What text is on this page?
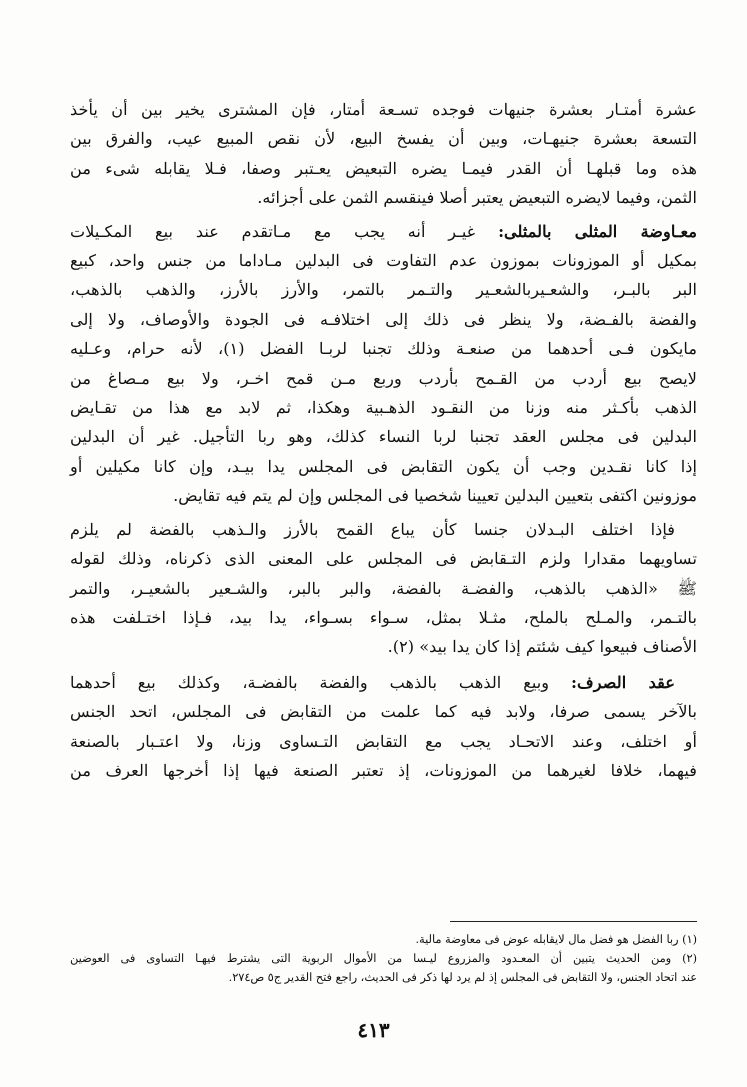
عشرة أمتـار بعشرة جنيهات فوجده تسـعة أمتار، فإن المشترى يخير بين أن يأخذ
التسعة بعشرة جنيهـات، وبين أن يفسخ البيع، لأن نقص المبيع عيب، والفرق بين
هذه وما قبلهـا أن القدر فيمـا يضره التبعيض يعـتبر وصفا، فـلا يقابله شىء من
الثمن، وفيما لايضره التبعيض يعتبر أصلا فينقسم الثمن على أجزائه.

معـاوضة المثلى بالمثلى: غيـر أنه يجب مع مـاتقدم عند بيع المكـيلات
بمكيل أو الموزونات بموزون عدم التفاوت فى البدلين مـاداما من جنس واحد، كبيع
البر بالبـر، والشعـيربالشعـير والتـمر بالتمر، والأرز بالأرز، والذهب بالذهب،
والفضة بالفـضة، ولا ينظر فى ذلك إلى اختلافـه فى الجودة والأوصاف، ولا إلى
مايكون فـى أحدهما من صنعـة وذلك تجنبا لربـا الفضل (١)، لأنه حرام، وعـليه
لايصح بيع أردب من القـمح بأردب وربع مـن قمح اخـر، ولا بيع مـصاغ من
الذهب بأكـثر منه وزنا من النقـود الذهـبية وهكذا، ثم لابد مع هذا من تقـايض
البدلين فى مجلس العقد تجنبا لربا النساء كذلك، وهو ربا التأجيل. غير أن البدلين
إذا كانا نقـدين وجب أن يكون التقابض فى المجلس يدا بيـد، وإن كانا مكيلين أو
موزونين اكتفى بتعيين البدلين تعيينا شخصيا فى المجلس وإن لم يتم فيه تقايض.

فإذا اختلف البـدلان جنسا كأن يباع القمح بالأرز والـذهب بالفضة لم يلزم
تساويهما مقدارا ولزم التـقابض فى المجلس على المعنى الذى ذكرناه، وذلك لقوله
ﷺ «الذهب بالذهب، والفضـة بالفضة، والبر بالبر، والشـعير بالشعيـر، والتمر
بالتـمر، والمـلح بالملح، مثـلا بمثل، سـواء بسـواء، يدا بيد، فـإذا اختـلفت هذه
الأصناف فبيعوا كيف شئتم إذا كان يدا بيد» (٢).

عقد الصرف: وبيع الذهب بالذهب والفضة بالفضـة، وكذلك بيع أحدهما
بالآخر يسمى صرفا، ولابد فيه كما علمت من التقابض فى المجلس، اتحد الجنس
أو اختلف، وعند الاتحـاد يجب مع التقابض التـساوى وزنا، ولا اعتـبار بالصنعة
فيهما، خلافا لغيرهما من الموزونات، إذ تعتبر الصنعة فيها إذا أخرجها العرف من

(١) ربا الفضل هو فضل مال لايقابله عوض فى معاوضة مالية.
(٢) ومن الحديث يتبين أن المعـدود والمزروع ليـسا من الأموال الربوية التى يشترط فيهـا التساوى فى العوضين
عند اتحاد الجنس، ولا التقابض فى المجلس إذ لم يرد لها ذكر فى الحديث، راجع فتح القدير ج٥ ص٢٧٤.
٤١٣
